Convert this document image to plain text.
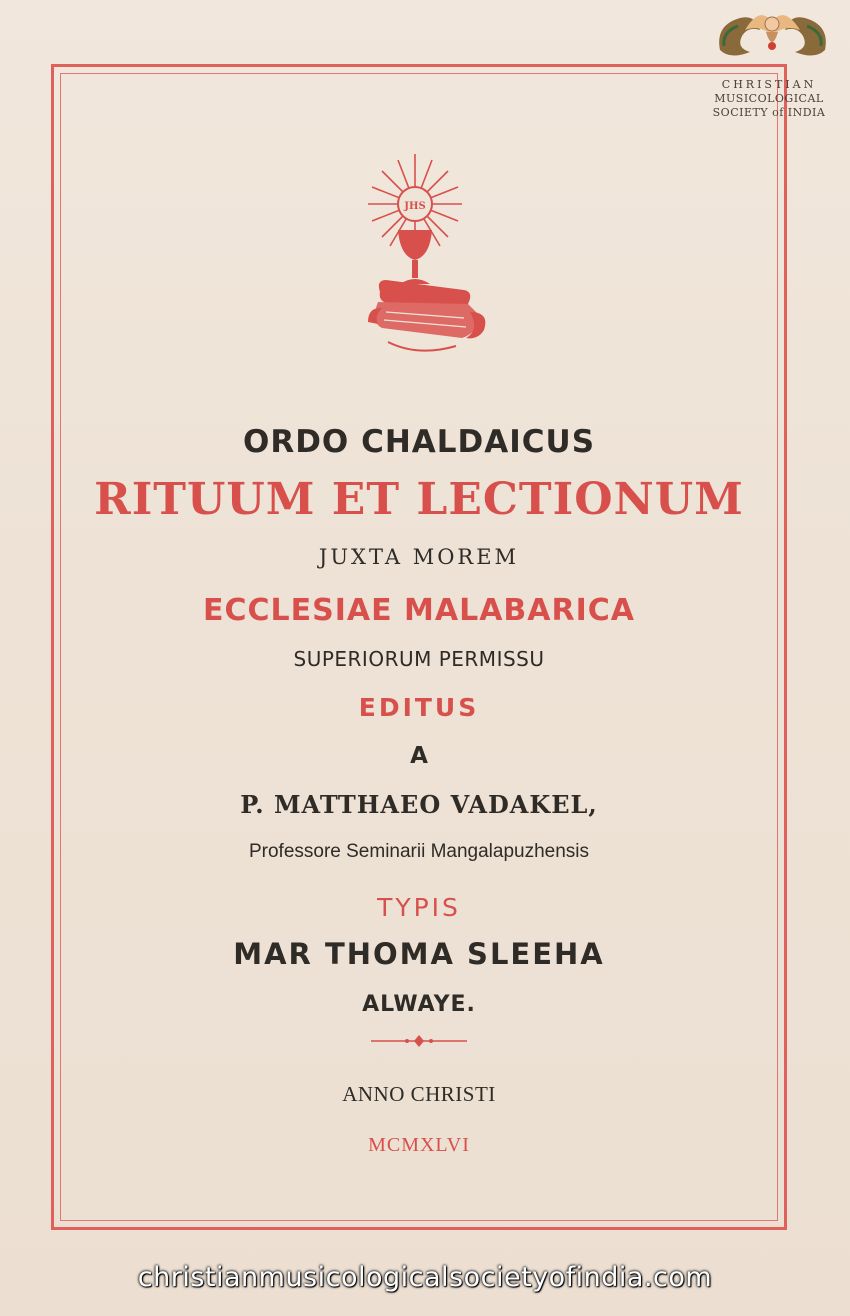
CHRISTIAN
MUSICOLOGICAL
SOCIETY of INDIA
JHS

ORDO CHALDAICUS

RITUUM ET LECTIONUM

JUXTA MOREM

ECCLESIAE MALABARICA

SUPERIORUM PERMISSU

EDITUS

A

P. MATTHAEO VADAKEL,

Professore Seminarii Mangalapuzhensis

TYPIS

MAR THOMA SLEEHA

ALWAYE.

ANNO CHRISTI

MCMXLVI

christianmusicologicalsocietyofindia.com
